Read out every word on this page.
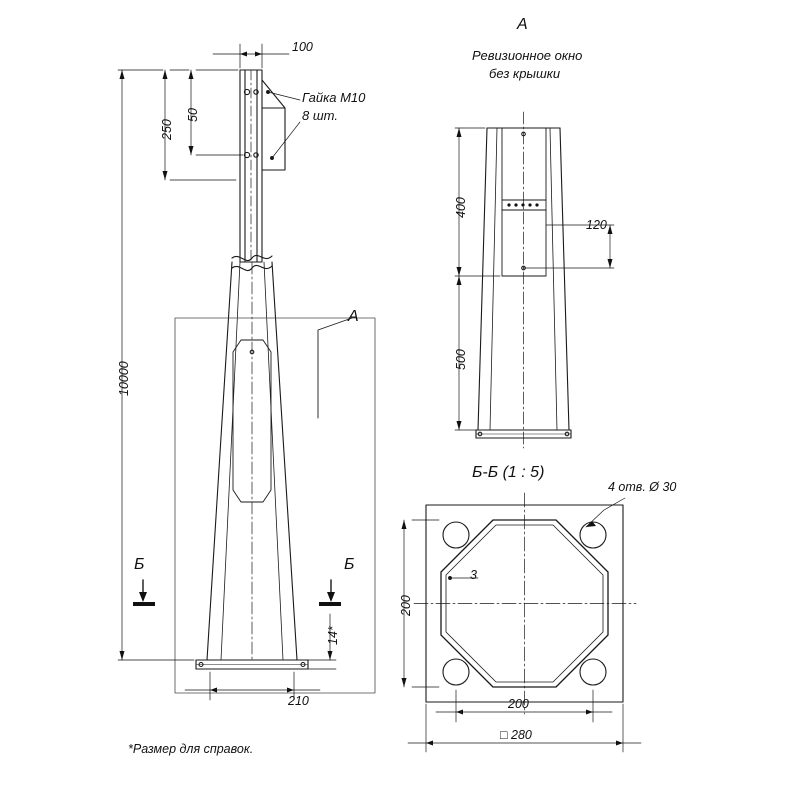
100
250
50
10000
210
14*
А
Б	Б
Гайка М10
8 шт.
А
Ревизионное окно
без крышки
400
500
120
Б-Б (1 : 5)
4 отв. Ø 30
3
200
200
□ 280
*Размер для справок.
